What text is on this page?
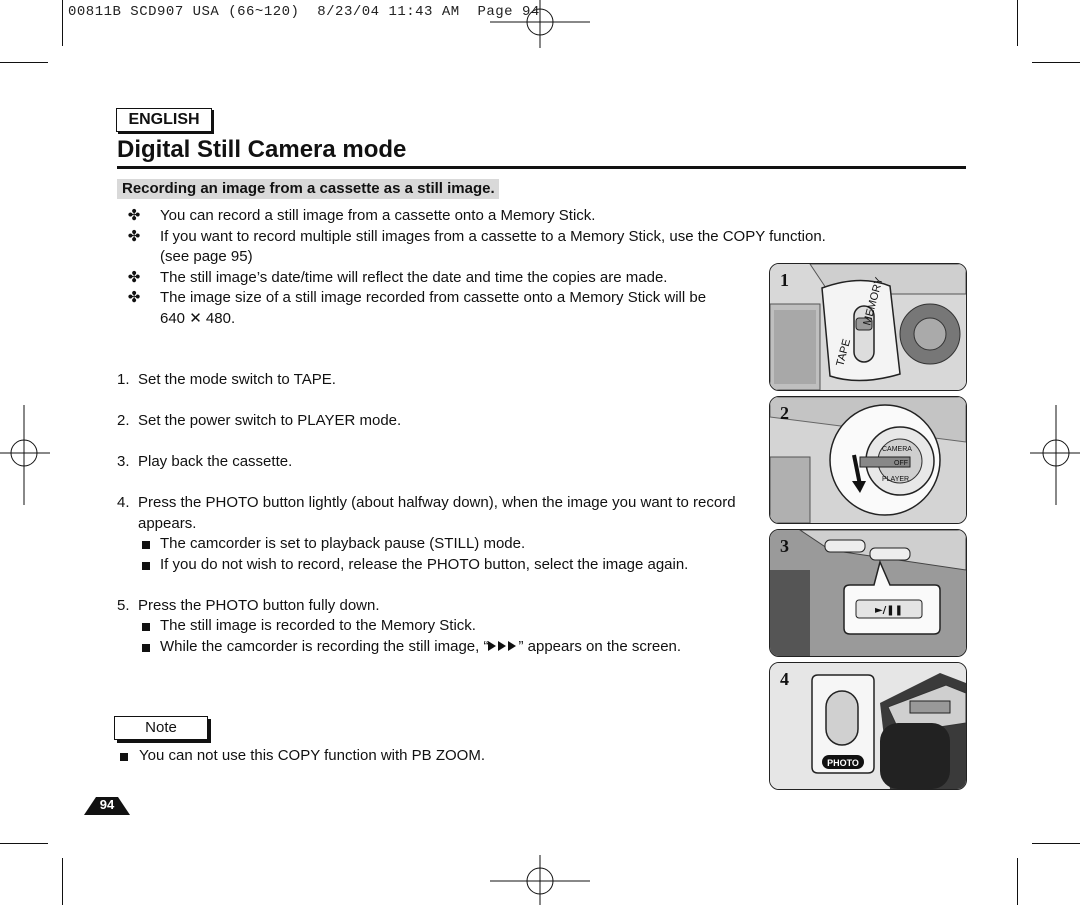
00811B SCD907 USA (66~120)  8/23/04 11:43 AM  Page 94
ENGLISH
Digital Still Camera mode
Recording an image from a cassette as a still image.
✤ You can record a still image from a cassette onto a Memory Stick.
✤ If you want to record multiple still images from a cassette to a Memory Stick, use the COPY function.
(see page 95)
✤ The still image’s date/time will reflect the date and time the copies are made.
✤ The image size of a still image recorded from cassette onto a Memory Stick will be
640 ✕ 480.
1. Set the mode switch to TAPE.
2. Set the power switch to PLAYER mode.
3. Play back the cassette.
4. Press the PHOTO button lightly (about halfway down), when the image you want to record
appears.
The camcorder is set to playback pause (STILL) mode.
If you do not wish to record, release the PHOTO button, select the image again.
5. Press the PHOTO button fully down.
The still image is recorded to the Memory Stick.
While the camcorder is recording the still image, “ ” appears on the screen.
Note
You can not use this COPY function with PB ZOOM.
94
TAPE
MEMORY
1
CAMERA
OFF
PLAYER
2
►/❚❚
3
PHOTO
4
